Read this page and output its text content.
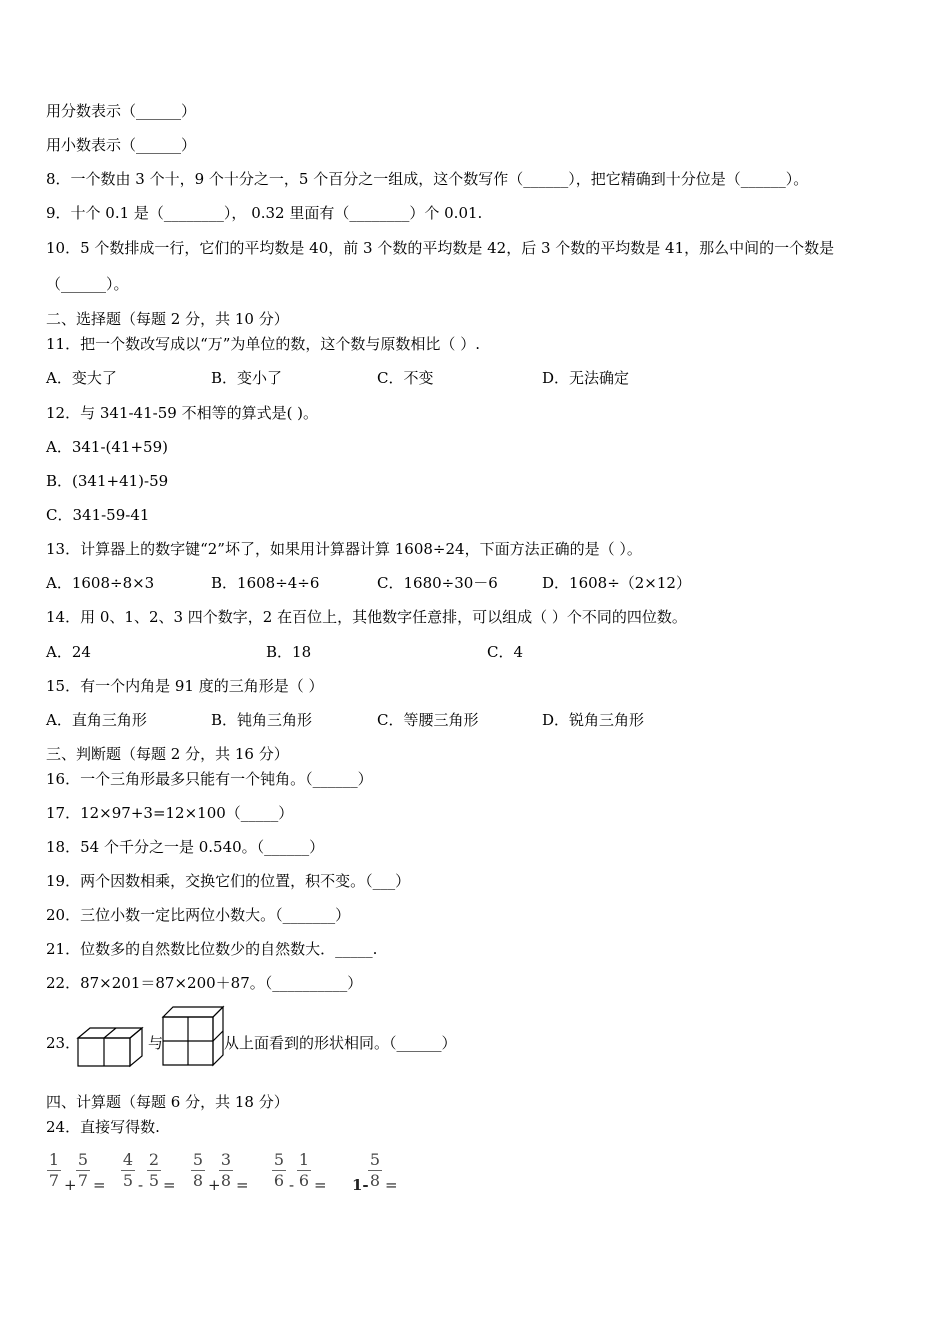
用分数表示（______）
用小数表示（______）
8．一个数由 3 个十，9 个十分之一，5 个百分之一组成，这个数写作（______），把它精确到十分位是（______）。
9．十个 0.1 是（________）， 0.32 里面有（________）个 0.01.
10．5 个数排成一行，它们的平均数是 40，前 3 个数的平均数是 42，后 3 个数的平均数是 41，那么中间的一个数是
（______）。
二、选择题（每题 2 分，共 10 分）
11．把一个数改写成以“万”为单位的数，这个数与原数相比（ ）.
A．变大了	B．变小了	C．不变	D．无法确定
12．与 341-41-59 不相等的算式是( )。
A．341-(41+59)
B．(341+41)-59
C．341-59-41
13．计算器上的数字键“2”坏了，如果用计算器计算 1608÷24，下面方法正确的是（ ）。
A．1608÷8×3	B．1608÷4÷6	C．1680÷30－6	D．1608÷（2×12）
14．用 0、1、2、3 四个数字，2 在百位上，其他数字任意排，可以组成（ ）个不同的四位数。
A．24	B．18	C．4
15．有一个内角是 91 度的三角形是（ ）
A．直角三角形	B．钝角三角形	C．等腰三角形	D．锐角三角形
三、判断题（每题 2 分，共 16 分）
16．一个三角形最多只能有一个钝角。（______）
17．12×97+3=12×100（_____）
18．54 个千分之一是 0.540。（______）
19．两个因数相乘，交换它们的位置，积不变。（___）
20．三位小数一定比两位小数大。（_______）
21．位数多的自然数比位数少的自然数大．_____.
22．87×201＝87×200＋87。（__________）
23．	与	从上面看到的形状相同。（______）
四、计算题（每题 6 分，共 18 分）
24．直接写得数.
1
7 +
5
7 =
4
5 -
2
5 =
5
8 +
3
8 =
5
6 -
1
6 = 1-
5
8 =
